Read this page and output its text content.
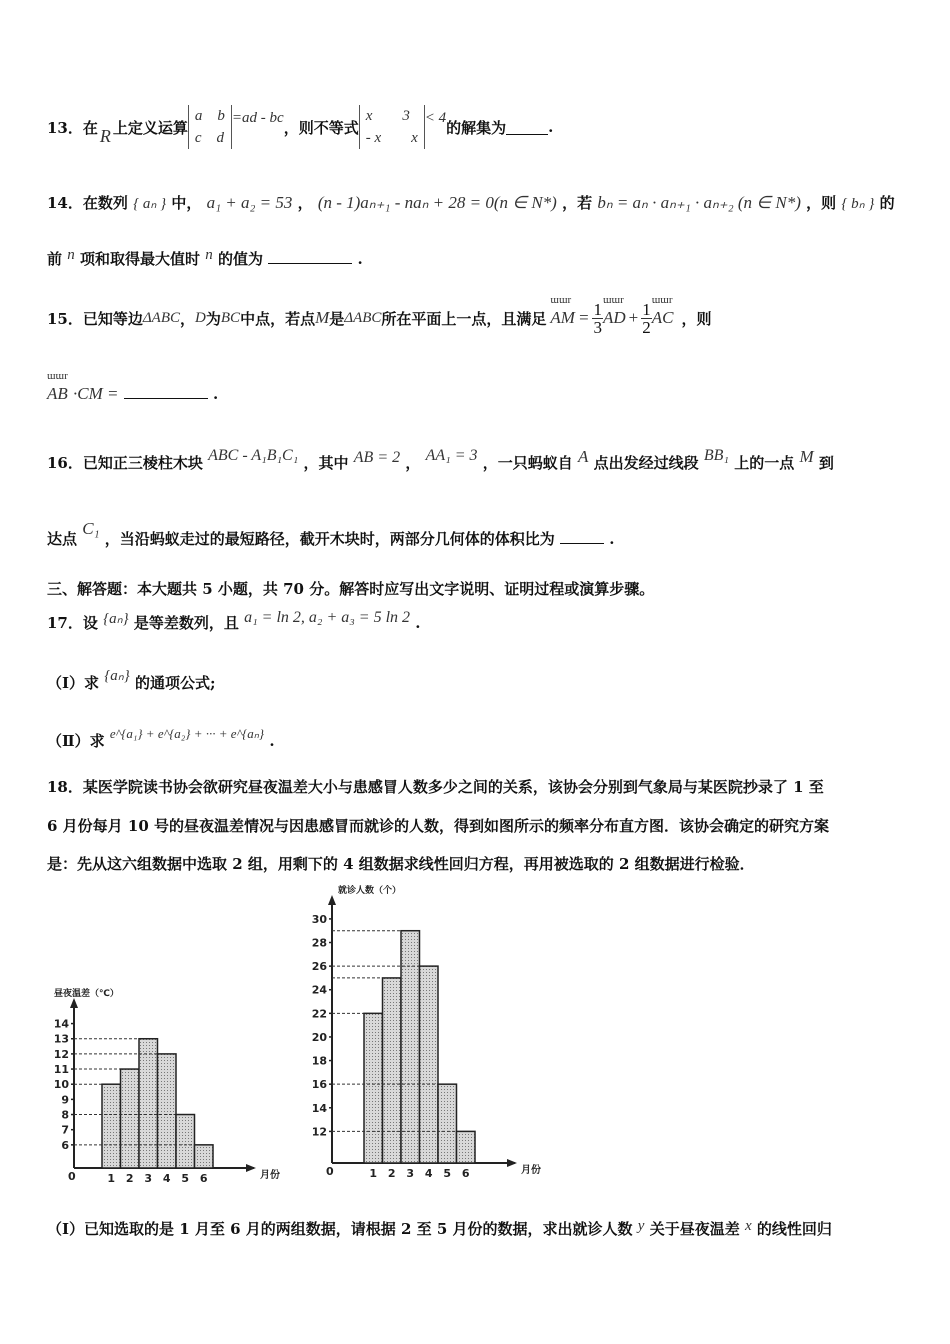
13．在 R 上定义运算
a　b
c　d
=ad - bc
，则不等式
x　　3
- x　　x
< 4
的解集为	.
14．在数列 { aₙ } 中， a₁ + a₂ = 53 ， (n - 1)aₙ₊₁ - naₙ + 28 = 0(n ∈ N*) ，若 bₙ = aₙ · aₙ₊₁ · aₙ₊₂ (n ∈ N*) ，则 { bₙ } 的
前 n 项和取得最大值时 n 的值为	.
15．已知等边 ΔABC ， D 为 BC 中点，若点 M 是 ΔABC 所在平面上一点，且满足 ɯɯr AM = $\frac{1}{3}$ ɯɯr AD + $\frac{1}{2}$ ɯɯr AC ，则
ɯɯr AB ·CM =	.
16．已知正三棱柱木块 ABC - A₁B₁C₁ ，其中 AB = 2 ， AA₁ = 3 ，一只蚂蚁自 A 点出发经过线段 BB₁ 上的一点 M 到
达点 C₁ ，当沿蚂蚁走过的最短路径，截开木块时，两部分几何体的体积比为	.
三、解答题：本大题共 5 小题，共 70 分。解答时应写出文字说明、证明过程或演算步骤。
17．设 {aₙ} 是等差数列，且 a₁ = ln 2, a₂ + a₃ = 5 ln 2 .
（Ⅰ）求 {aₙ} 的通项公式;
（Ⅱ）求 e^{a₁} + e^{a₂} + ··· + e^{aₙ} .
18．某医学院读书协会欲研究昼夜温差大小与患感冒人数多少之间的关系，该协会分别到气象局与某医院抄录了 1 至
6 月份每月 10 号的昼夜温差情况与因患感冒而就诊的人数，得到如图所示的频率分布直方图．该协会确定的研究方案
是：先从这六组数据中选取 2 组，用剩下的 4 组数据求线性回归方程，再用被选取的 2 组数据进行检验．
昼夜温差（℃）
月份
0
6
7
8
9
10
11
12
13
14
1 2 3 4 5 6
就诊人数（个）
月份
0
12
14
16
18
20
22
24
26
28
30
1 2 3 4 5 6
（Ⅰ）已知选取的是 1 月至 6 月的两组数据，请根据 2 至 5 月份的数据，求出就诊人数 y 关于昼夜温差 x 的线性回归
